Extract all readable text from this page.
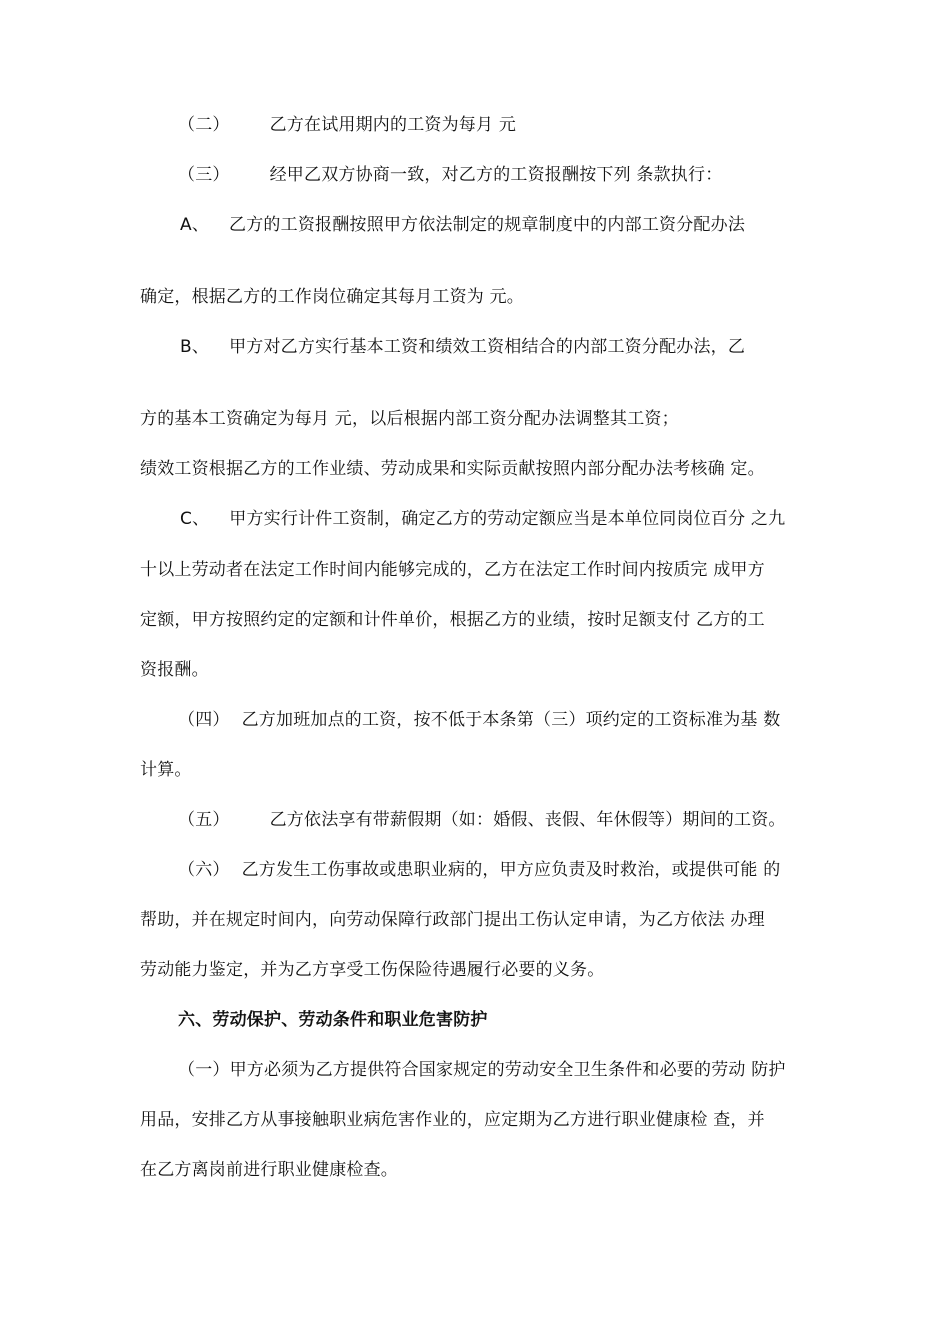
（二） 乙方在试用期内的工资为每月 元
（三） 经甲乙双方协商一致，对乙方的工资报酬按下列 条款执行：
A、 乙方的工资报酬按照甲方依法制定的规章制度中的内部工资分配办法
确定，根据乙方的工作岗位确定其每月工资为 元。
B、 甲方对乙方实行基本工资和绩效工资相结合的内部工资分配办法，乙
方的基本工资确定为每月 元，以后根据内部工资分配办法调整其工资；
绩效工资根据乙方的工作业绩、劳动成果和实际贡献按照内部分配办法考核确 定。
C、 甲方实行计件工资制，确定乙方的劳动定额应当是本单位同岗位百分 之九
十以上劳动者在法定工作时间内能够完成的，乙方在法定工作时间内按质完 成甲方
定额，甲方按照约定的定额和计件单价，根据乙方的业绩，按时足额支付 乙方的工
资报酬。
（四） 乙方加班加点的工资，按不低于本条第（三）项约定的工资标准为基 数
计算。
（五） 乙方依法享有带薪假期（如：婚假、丧假、年休假等）期间的工资。
（六） 乙方发生工伤事故或患职业病的，甲方应负责及时救治，或提供可能 的
帮助，并在规定时间内，向劳动保障行政部门提出工伤认定申请，为乙方依法 办理
劳动能力鉴定，并为乙方享受工伤保险待遇履行必要的义务。
六、劳动保护、劳动条件和职业危害防护
（一）甲方必须为乙方提供符合国家规定的劳动安全卫生条件和必要的劳动 防护
用品，安排乙方从事接触职业病危害作业的，应定期为乙方进行职业健康检 查，并
在乙方离岗前进行职业健康检查。
